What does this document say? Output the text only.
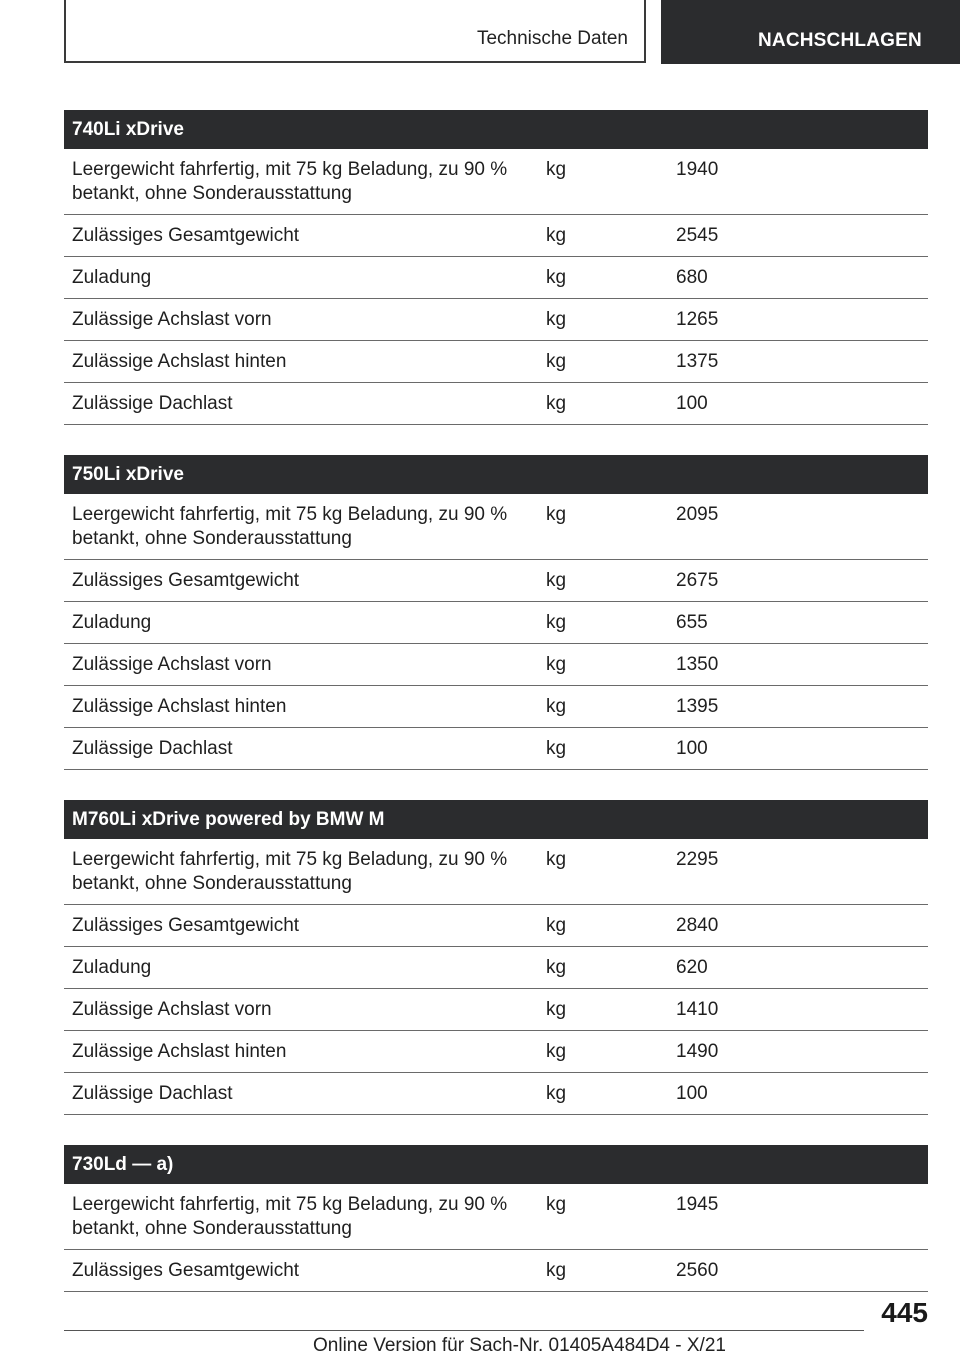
Technische Daten	NACHSCHLAGEN
740Li xDrive		
Leergewicht fahrfertig, mit 75 kg Beladung, zu 90 % betankt, ohne Sonderausstattung	kg	1940
Zulässiges Gesamtgewicht	kg	2545
Zuladung	kg	680
Zulässige Achslast vorn	kg	1265
Zulässige Achslast hinten	kg	1375
Zulässige Dachlast	kg	100
750Li xDrive		
Leergewicht fahrfertig, mit 75 kg Beladung, zu 90 % betankt, ohne Sonderausstattung	kg	2095
Zulässiges Gesamtgewicht	kg	2675
Zuladung	kg	655
Zulässige Achslast vorn	kg	1350
Zulässige Achslast hinten	kg	1395
Zulässige Dachlast	kg	100
M760Li xDrive powered by BMW M		
Leergewicht fahrfertig, mit 75 kg Beladung, zu 90 % betankt, ohne Sonderausstattung	kg	2295
Zulässiges Gesamtgewicht	kg	2840
Zuladung	kg	620
Zulässige Achslast vorn	kg	1410
Zulässige Achslast hinten	kg	1490
Zulässige Dachlast	kg	100
730Ld — a)		
Leergewicht fahrfertig, mit 75 kg Beladung, zu 90 % betankt, ohne Sonderausstattung	kg	1945
Zulässiges Gesamtgewicht	kg	2560
445
Online Version für Sach-Nr. 01405A484D4 - X/21
